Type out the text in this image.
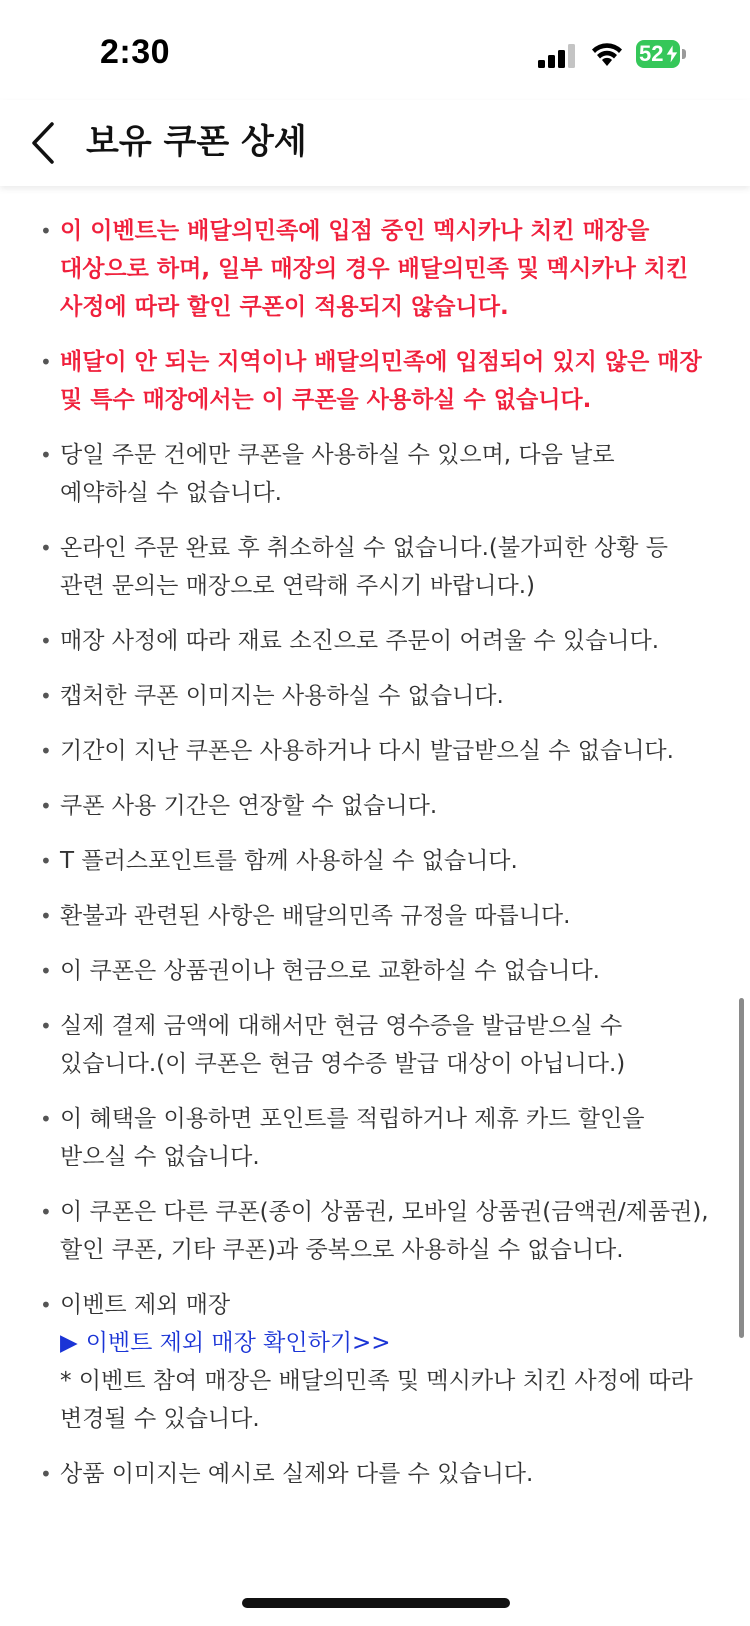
2:30	52
보유 쿠폰 상세
• 이 이벤트는 배달의민족에 입점 중인 멕시카나 치킨 매장을 대상으로 하며, 일부 매장의 경우 배달의민족 및 멕시카나 치킨 사정에 따라 할인 쿠폰이 적용되지 않습니다.
• 배달이 안 되는 지역이나 배달의민족에 입점되어 있지 않은 매장 및 특수 매장에서는 이 쿠폰을 사용하실 수 없습니다.
• 당일 주문 건에만 쿠폰을 사용하실 수 있으며, 다음 날로 예약하실 수 없습니다.
• 온라인 주문 완료 후 취소하실 수 없습니다.(불가피한 상황 등 관련 문의는 매장으로 연락해 주시기 바랍니다.)
• 매장 사정에 따라 재료 소진으로 주문이 어려울 수 있습니다.
• 캡처한 쿠폰 이미지는 사용하실 수 없습니다.
• 기간이 지난 쿠폰은 사용하거나 다시 발급받으실 수 없습니다.
• 쿠폰 사용 기간은 연장할 수 없습니다.
• T 플러스포인트를 함께 사용하실 수 없습니다.
• 환불과 관련된 사항은 배달의민족 규정을 따릅니다.
• 이 쿠폰은 상품권이나 현금으로 교환하실 수 없습니다.
• 실제 결제 금액에 대해서만 현금 영수증을 발급받으실 수 있습니다.(이 쿠폰은 현금 영수증 발급 대상이 아닙니다.)
• 이 혜택을 이용하면 포인트를 적립하거나 제휴 카드 할인을 받으실 수 없습니다.
• 이 쿠폰은 다른 쿠폰(종이 상품권, 모바일 상품권(금액권/제품권), 할인 쿠폰, 기타 쿠폰)과 중복으로 사용하실 수 없습니다.
• 이벤트 제외 매장
▶ 이벤트 제외 매장 확인하기>>
* 이벤트 참여 매장은 배달의민족 및 멕시카나 치킨 사정에 따라 변경될 수 있습니다.
• 상품 이미지는 예시로 실제와 다를 수 있습니다.
